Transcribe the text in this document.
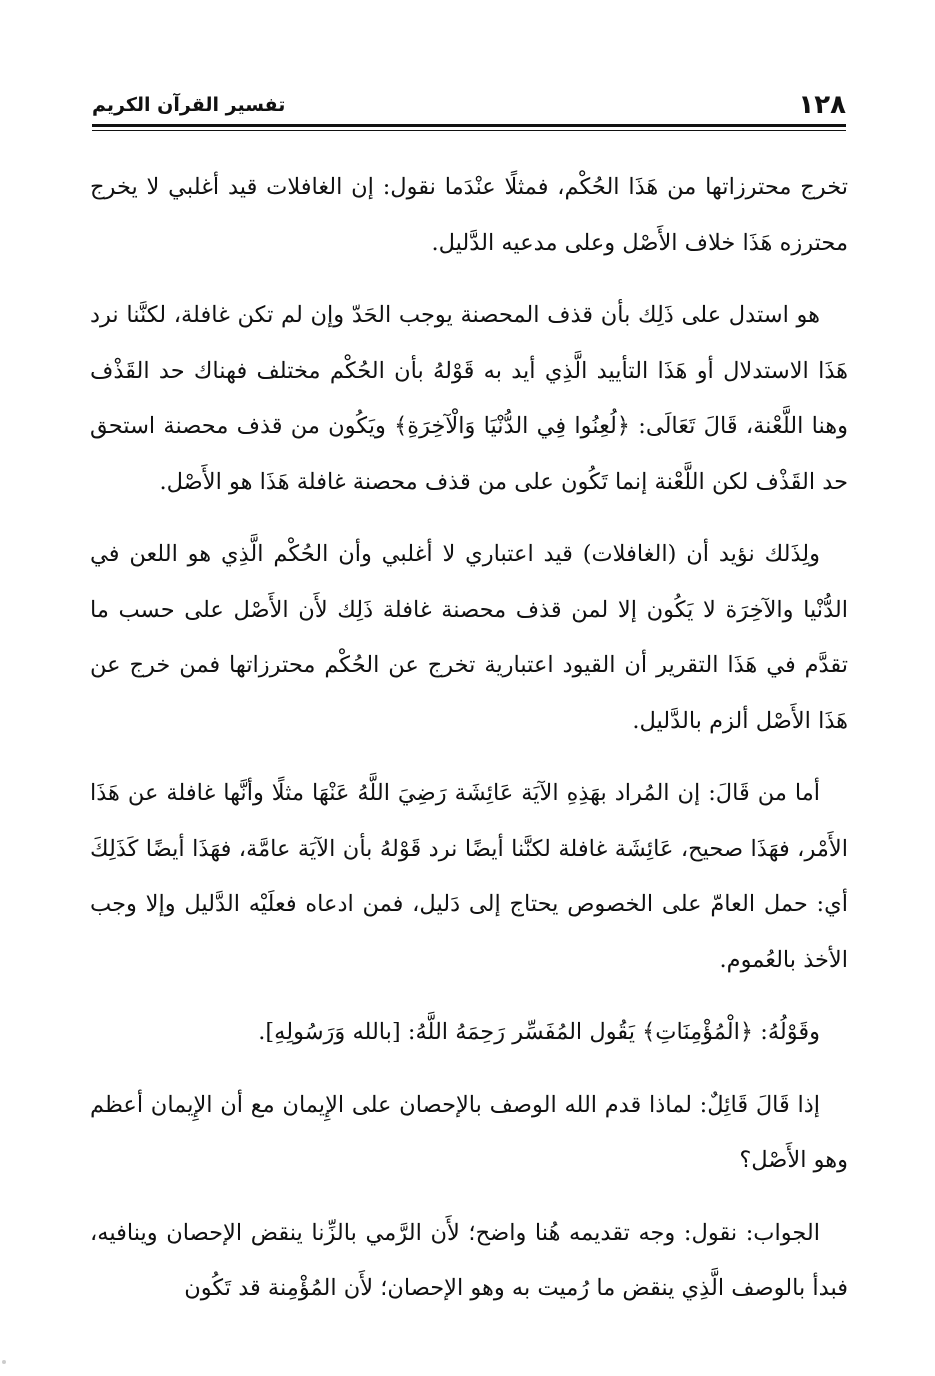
١٢٨
تفسير القرآن الكريم

تخرج محترزاتها من هَذَا الحُكْم، فمثلًا عنْدَما نقول: إن الغافلات قيد أغلبي لا يخرج محترزه هَذَا خلاف الأَصْل وعلى مدعيه الدَّليل.

هو استدل على ذَلِك بأن قذف المحصنة يوجب الحَدّ وإن لم تكن غافلة، لكنَّنا نرد هَذَا الاستدلال أو هَذَا التأييد الَّذِي أيد به قَوْلهُ بأن الحُكْم مختلف فهناك حد القَذْف وهنا اللَّعْنة، قَالَ تَعَالَى: ﴿لُعِنُوا فِي الدُّنْيَا وَالْآخِرَةِ﴾ ويَكُون من قذف محصنة استحق حد القَذْف لكن اللَّعْنة إنما تَكُون على من قذف محصنة غافلة هَذَا هو الأَصْل.

ولِذَلك نؤيد أن (الغافلات) قيد اعتباري لا أغلبي وأن الحُكْم الَّذِي هو اللعن في الدُّنْيا والآخِرَة لا يَكُون إلا لمن قذف محصنة غافلة ذَلِك لأَن الأَصْل على حسب ما تقدَّم في هَذَا التقرير أن القيود اعتبارية تخرج عن الحُكْم محترزاتها فمن خرج عن هَذَا الأَصْل ألزم بالدَّليل.

أما من قَالَ: إن المُراد بهَذِهِ الآيَة عَائِشَة رَضِيَ اللَّهُ عَنْهَا مثلًا وأنَّها غافلة عن هَذَا الأَمْر، فهَذَا صحيح، عَائِشَة غافلة لكنَّنا أيضًا نرد قَوْلهُ بأن الآيَة عامَّة، فهَذَا أيضًا كَذَلِكَ أي: حمل العامّ على الخصوص يحتاج إلى دَليل، فمن ادعاه فعلَيْه الدَّليل وإلا وجب الأخذ بالعُموم.

وقَوْلُهُ: ﴿الْمُؤْمِنَاتِ﴾ يَقُول المُفَسِّر رَحِمَهُ اللَّهُ: [بالله وَرَسُولِهِ].

إذا قَالَ قَائِلٌ: لماذا قدم الله الوصف بالإحصان على الإِيمان مع أن الإِيمان أعظم وهو الأَصْل؟

الجواب: نقول: وجه تقديمه هُنا واضح؛ لأَن الرَّمي بالزِّنا ينقض الإحصان وينافيه، فبدأ بالوصف الَّذِي ينقض ما رُميت به وهو الإحصان؛ لأَن المُؤْمِنة قد تَكُون
